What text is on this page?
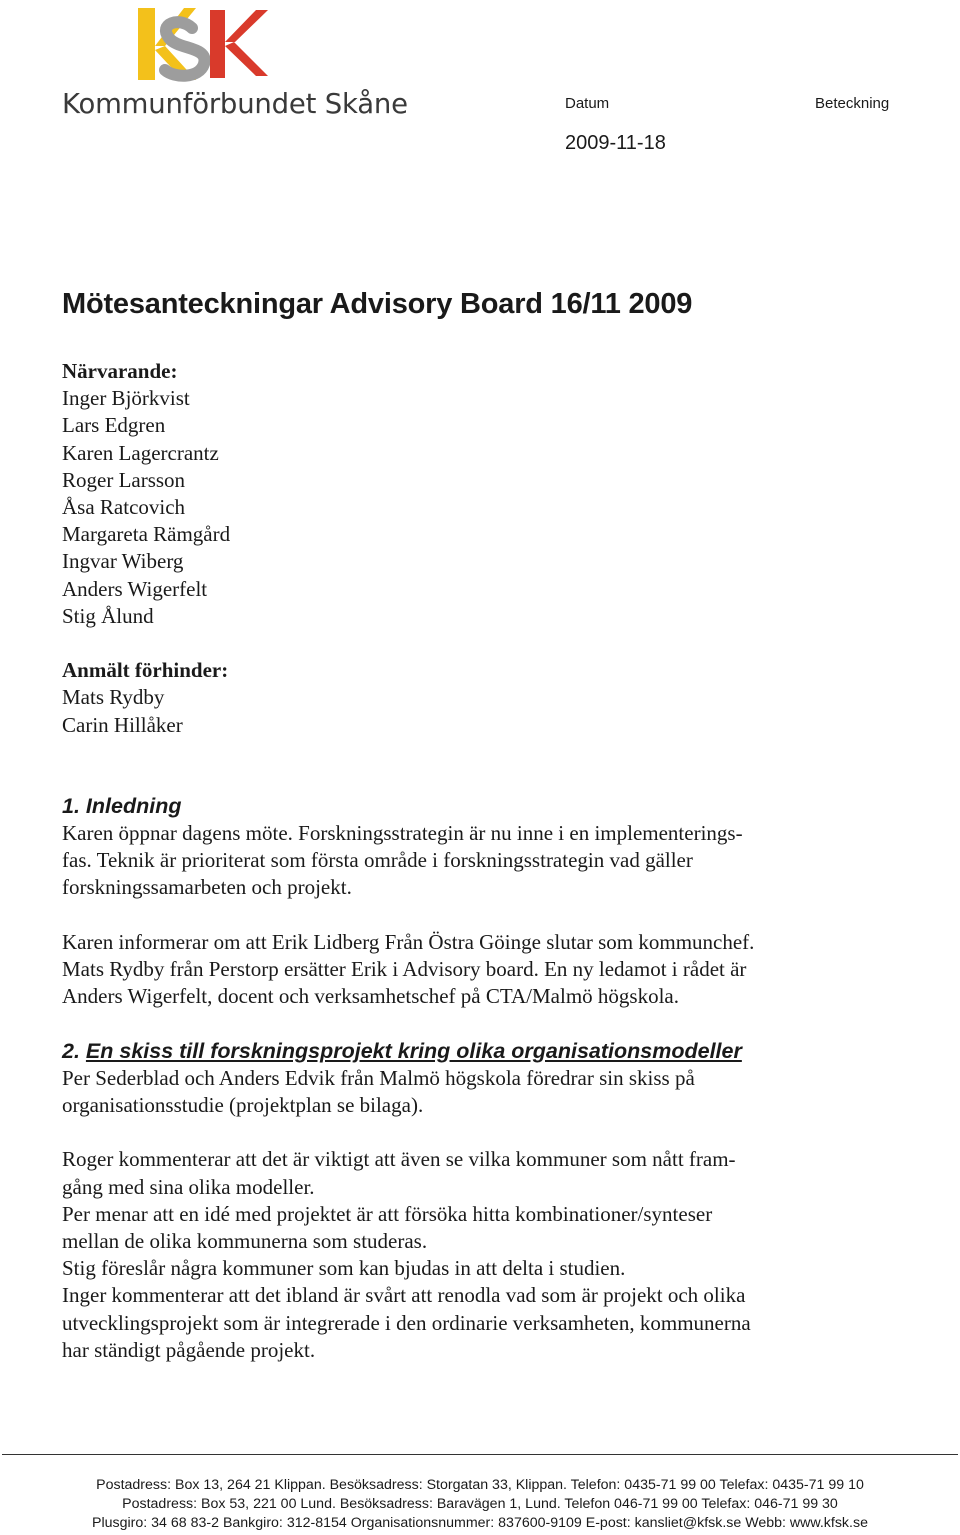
Kommunförbundet Skåne	Datum	Beteckning
2009-11-18
Mötesanteckningar Advisory Board 16/11 2009

Närvarande:

Inger Björkvist

Lars Edgren

Karen Lagercrantz

Roger Larsson

Åsa Ratcovich

Margareta Rämgård

Ingvar Wiberg

Anders Wigerfelt

Stig Ålund

Anmält förhinder:

Mats Rydby

Carin Hillåker

1. Inledning

Karen öppnar dagens möte. Forskningsstrategin är nu inne i en implementerings-

fas. Teknik är prioriterat som första område i forskningsstrategin vad gäller

forskningssamarbeten och projekt.

Karen informerar om att Erik Lidberg Från Östra Göinge slutar som kommunchef.

Mats Rydby från Perstorp ersätter Erik i Advisory board. En ny ledamot i rådet är

Anders Wigerfelt, docent och verksamhetschef på CTA/Malmö högskola.

2. En skiss till forskningsprojekt kring olika organisationsmodeller

Per Sederblad och Anders Edvik från Malmö högskola föredrar sin skiss på

organisationsstudie (projektplan se bilaga).

Roger kommenterar att det är viktigt att även se vilka kommuner som nått fram-

gång med sina olika modeller.

Per menar att en idé med projektet är att försöka hitta kombinationer/synteser

mellan de olika kommunerna som studeras.

Stig föreslår några kommuner som kan bjudas in att delta i studien.

Inger kommenterar att det ibland är svårt att renodla vad som är projekt och olika

utvecklingsprojekt som är integrerade i den ordinarie verksamheten, kommunerna

har ständigt pågående projekt.

Postadress: Box 13, 264 21 Klippan. Besöksadress: Storgatan 33, Klippan. Telefon: 0435-71 99 00 Telefax: 0435-71 99 10
Postadress: Box 53, 221 00 Lund. Besöksadress: Baravägen 1, Lund. Telefon 046-71 99 00 Telefax: 046-71 99 30
Plusgiro: 34 68 83-2 Bankgiro: 312-8154 Organisationsnummer: 837600-9109 E-post: kansliet@kfsk.se Webb: www.kfsk.se
